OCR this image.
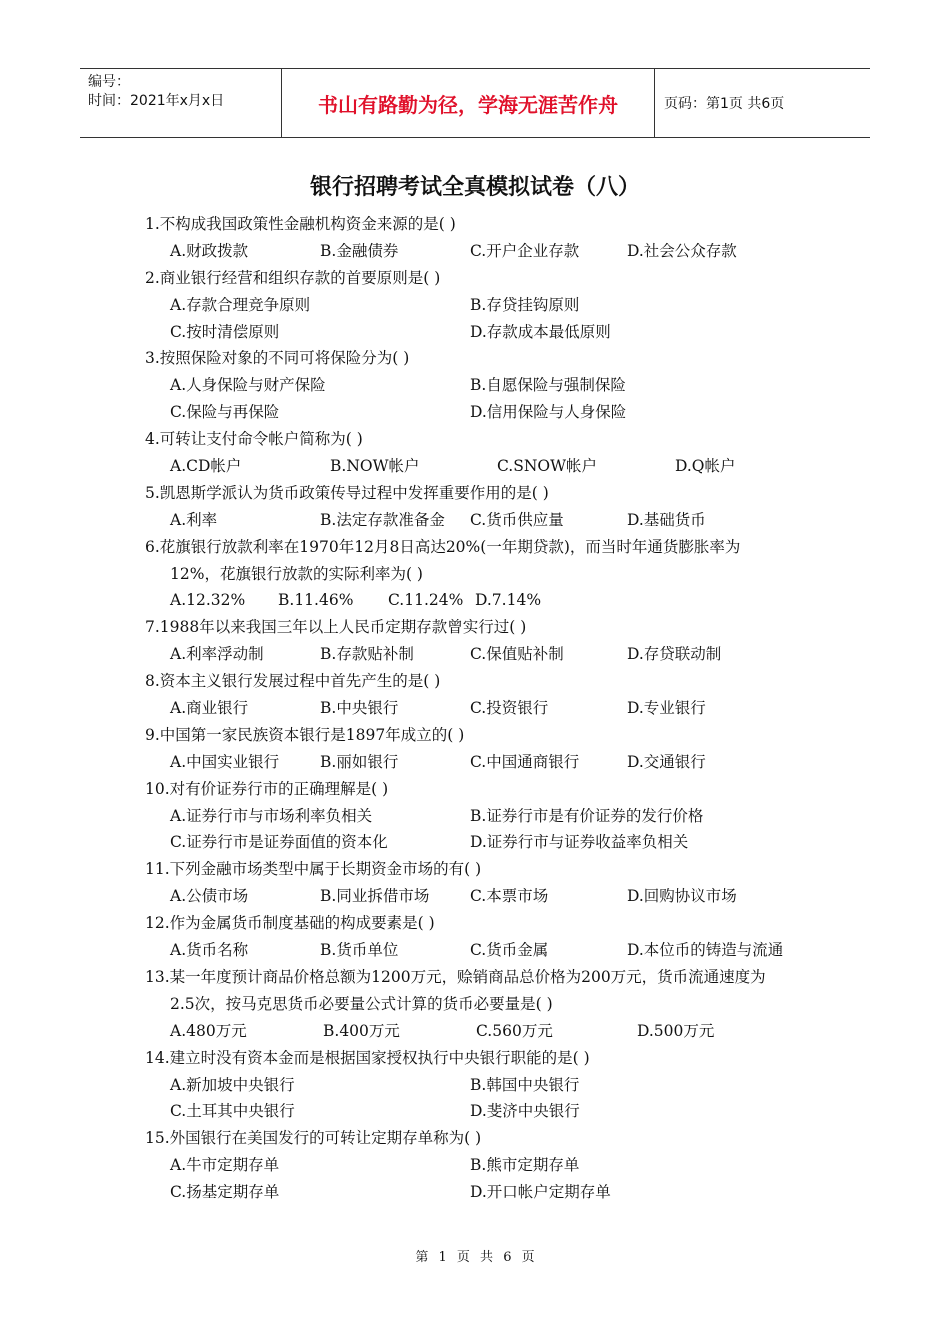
编号：
时间：2021年x月x日	书山有路勤为径，学海无涯苦作舟	页码：第1页 共6页
银行招聘考试全真模拟试卷（八）
1.不构成我国政策性金融机构资金来源的是( )
A.财政拨款	B.金融债券	C.开户企业存款	D.社会公众存款
2.商业银行经营和组织存款的首要原则是( )
A.存款合理竞争原则	B.存贷挂钩原则
C.按时清偿原则	D.存款成本最低原则
3.按照保险对象的不同可将保险分为( )
A.人身保险与财产保险	B.自愿保险与强制保险
C.保险与再保险	D.信用保险与人身保险
4.可转让支付命令帐户简称为( )
A.CD帐户	B.NOW帐户	C.SNOW帐户	D.Q帐户
5.凯恩斯学派认为货币政策传导过程中发挥重要作用的是( )
A.利率	B.法定存款准备金 C.货币供应量	D.基础货币
6.花旗银行放款利率在1970年12月8日高达20%(一年期贷款)，而当时年通货膨胀率为
12%，花旗银行放款的实际利率为( )
A.12.32% B.11.46% C.11.24% D.7.14%
7.1988年以来我国三年以上人民币定期存款曾实行过( )
A.利率浮动制	B.存款贴补制	C.保值贴补制	D.存贷联动制
8.资本主义银行发展过程中首先产生的是( )
A.商业银行	B.中央银行	C.投资银行	D.专业银行
9.中国第一家民族资本银行是1897年成立的( )
A.中国实业银行	B.丽如银行	C.中国通商银行	D.交通银行
10.对有价证券行市的正确理解是( )
A.证券行市与市场利率负相关	B.证券行市是有价证券的发行价格
C.证券行市是证券面值的资本化	D.证券行市与证券收益率负相关
11.下列金融市场类型中属于长期资金市场的有( )
A.公债市场	B.同业拆借市场	C.本票市场	D.回购协议市场
12.作为金属货币制度基础的构成要素是( )
A.货币名称	B.货币单位	C.货币金属	D.本位币的铸造与流通
13.某一年度预计商品价格总额为1200万元，赊销商品总价格为200万元，货币流通速度为
2.5次，按马克思货币必要量公式计算的货币必要量是( )
A.480万元	B.400万元	C.560万元	D.500万元
14.建立时没有资本金而是根据国家授权执行中央银行职能的是( )
A.新加坡中央银行	B.韩国中央银行
C.土耳其中央银行	D.斐济中央银行
15.外国银行在美国发行的可转让定期存单称为( )
A.牛市定期存单	B.熊市定期存单
C.扬基定期存单	D.开口帐户定期存单
第 1 页 共 6 页
